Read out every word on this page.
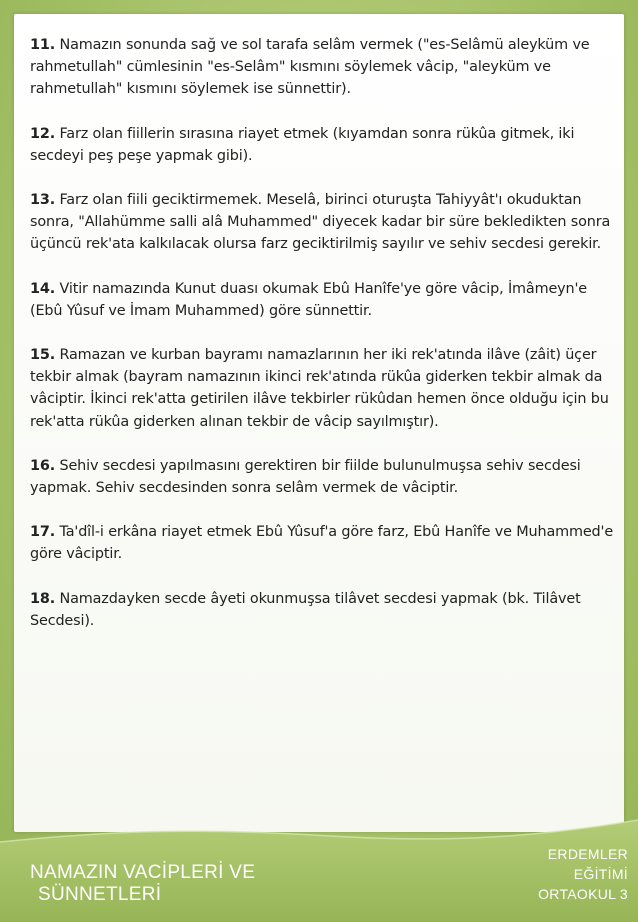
11. Namazın sonunda sağ ve sol tarafa selâm vermek ("es-Selâmü aleyküm ve rahmetullah" cümlesinin "es-Selâm" kısmını söylemek vâcip, "aleyküm ve rahmetullah" kısmını söylemek ise sünnettir).

12. Farz olan fiillerin sırasına riayet etmek (kıyamdan sonra rükûa gitmek, iki secdeyi peş peşe yapmak gibi).

13. Farz olan fiili geciktirmemek. Meselâ, birinci oturuşta Tahiyyât'ı okuduktan sonra, "Allahümme salli alâ Muhammed" diyecek kadar bir süre bekledikten sonra üçüncü rek'ata kalkılacak olursa farz geciktirilmiş sayılır ve sehiv secdesi gerekir.

14. Vitir namazında Kunut duası okumak Ebû Hanîfe'ye göre vâcip, İmâmeyn'e (Ebû Yûsuf ve İmam Muhammed) göre sünnettir.

15. Ramazan ve kurban bayramı namazlarının her iki rek'atında ilâve (zâit) üçer tekbir almak (bayram namazının ikinci rek'atında rükûa giderken tekbir almak da vâciptir. İkinci rek'atta getirilen ilâve tekbirler rükûdan hemen önce olduğu için bu rek'atta rükûa giderken alınan tekbir de vâcip sayılmıştır).

16. Sehiv secdesi yapılmasını gerektiren bir fiilde bulunulmuşsa sehiv secdesi yapmak. Sehiv secdesinden sonra selâm vermek de vâciptir.

17. Ta'dîl-i erkâna riayet etmek Ebû Yûsuf'a göre farz, Ebû Hanîfe ve Muhammed'e göre vâciptir.

18. Namazdayken secde âyeti okunmuşsa tilâvet secdesi yapmak (bk. Tilâvet Secdesi).

NAMAZIN VACİPLERİ VE
SÜNNETLERİ
ERDEMLER
EĞİTİMİ
ORTAOKUL 3
